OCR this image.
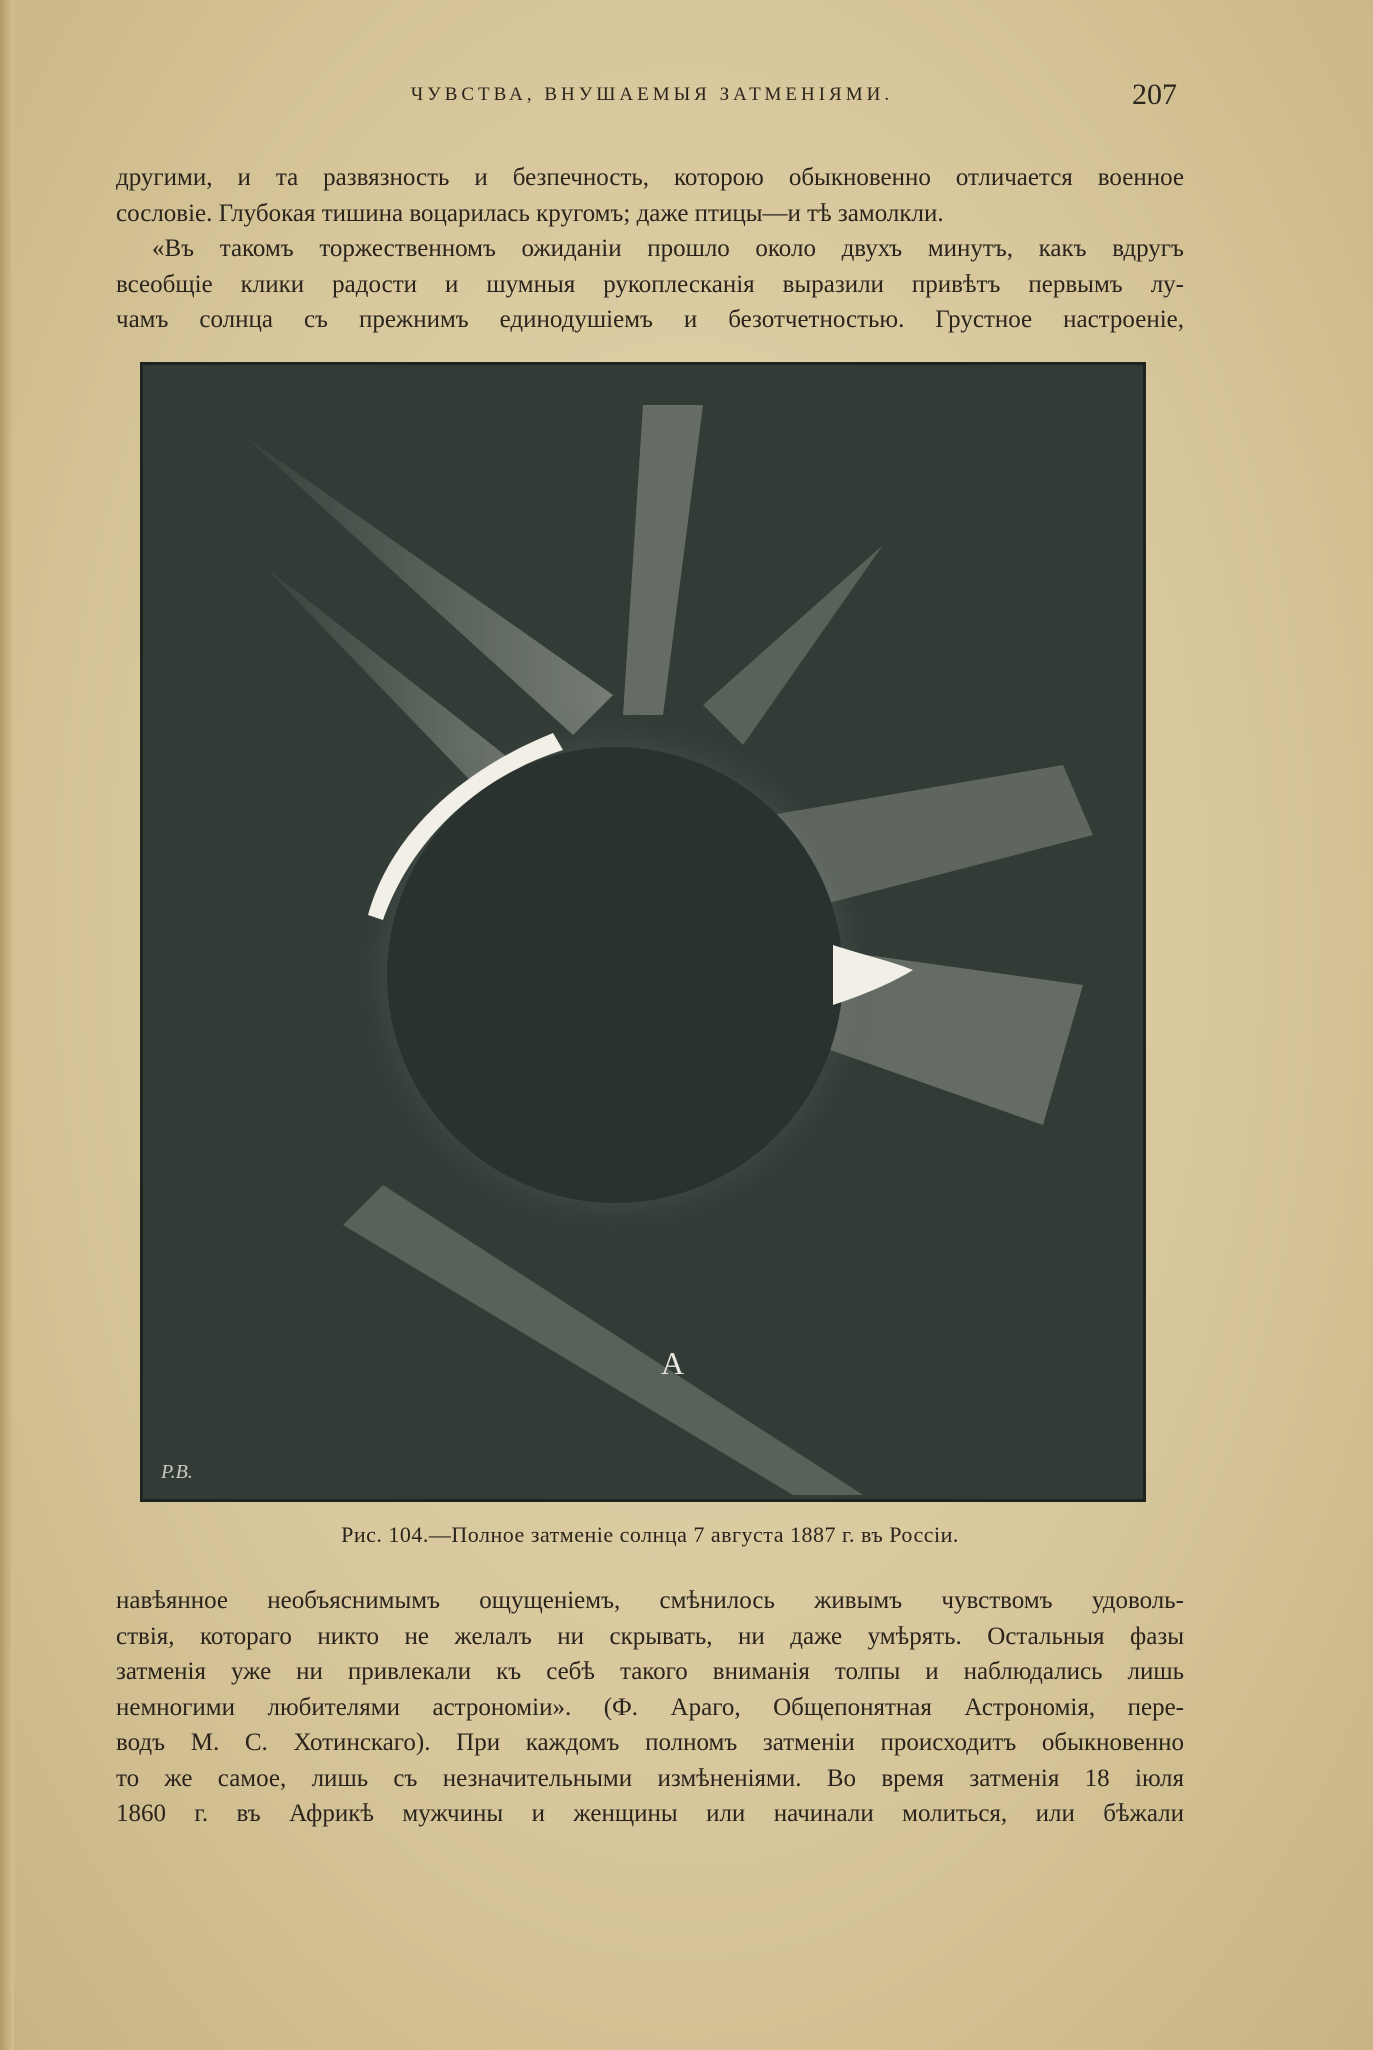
ЧУВСТВА, ВНУШАЕМЫЯ ЗАТМЕНІЯМИ.	207
другими, и та развязность и безпечность, которою обыкновенно отличается военное
сословіе. Глубокая тишина воцарилась кругомъ; даже птицы—и тѣ замолкли.
«Въ такомъ торжественномъ ожиданіи прошло около двухъ минутъ, какъ вдругъ
всеобщіе клики радости и шумныя рукоплесканія выразили привѣтъ первымъ лу-
чамъ солнца съ прежнимъ единодушіемъ и безотчетностью. Грустное настроеніе,
A
P.B.
Рис. 104.—Полное затменіе солнца 7 августа 1887 г. въ Россіи.
навѣянное необъяснимымъ ощущеніемъ, смѣнилось живымъ чувствомъ удоволь-
ствія, котораго никто не желалъ ни скрывать, ни даже умѣрять. Остальныя фазы
затменія уже ни привлекали къ себѣ такого вниманія толпы и наблюдались лишь
немногими любителями астрономіи». (Ф. Араго, Общепонятная Астрономія, пере-
водъ М. С. Хотинскаго). При каждомъ полномъ затменіи происходитъ обыкновенно
то же самое, лишь съ незначительными измѣненіями. Во время затменія 18 іюля
1860 г. въ Африкѣ мужчины и женщины или начинали молиться, или бѣжали
